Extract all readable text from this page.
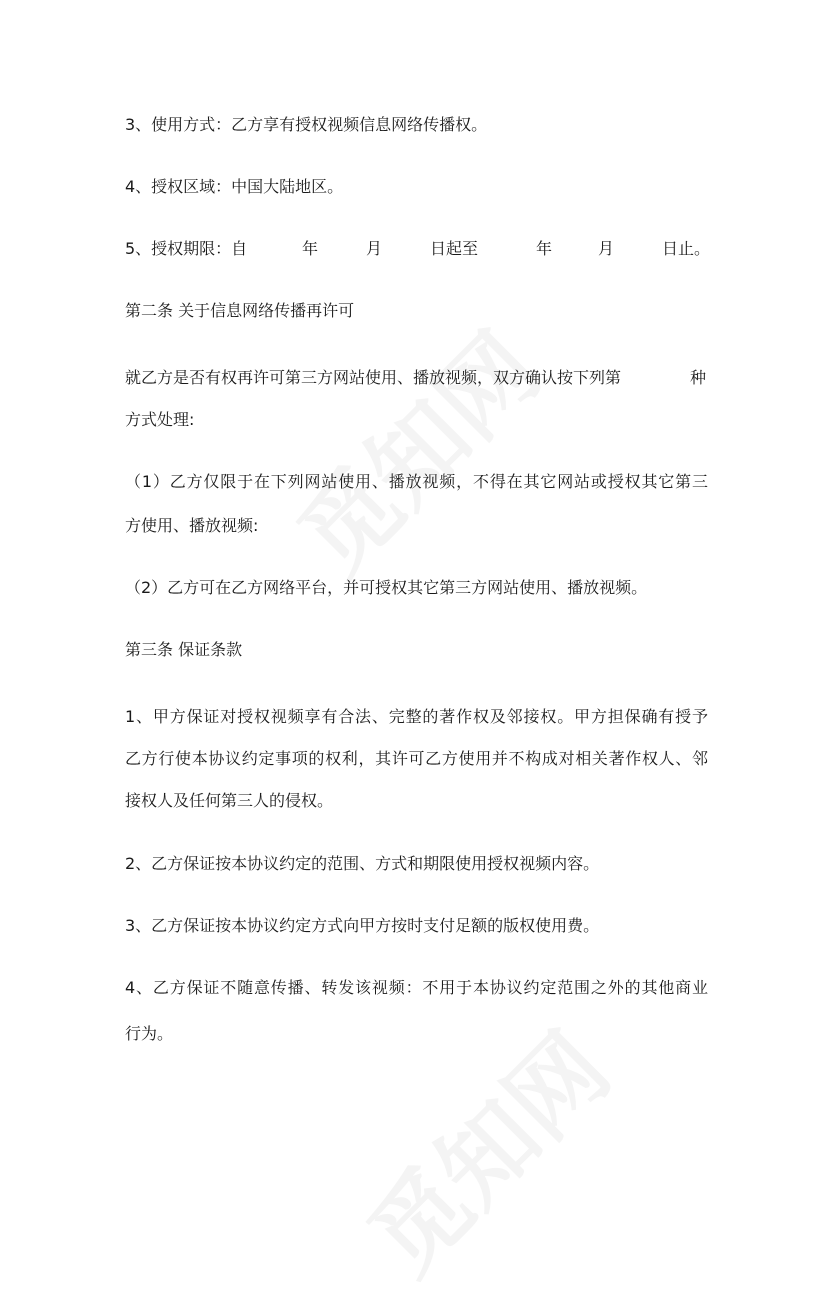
3、使用方式：乙方享有授权视频信息网络传播权。
4、授权区域：中国大陆地区。
5、授权期限：自	年	月	日起至	年	月	日止。
第二条 关于信息网络传播再许可
就乙方是否有权再许可第三方网站使用、播放视频，双方确认按下列第	种
方式处理:
（1）乙方仅限于在下列网站使用、播放视频，不得在其它网站或授权其它第三
方使用、播放视频:
（2）乙方可在乙方网络平台，并可授权其它第三方网站使用、播放视频。
第三条 保证条款
1、甲方保证对授权视频享有合法、完整的著作权及邻接权。甲方担保确有授予
乙方行使本协议约定事项的权利，其许可乙方使用并不构成对相关著作权人、邻
接权人及任何第三人的侵权。
2、乙方保证按本协议约定的范围、方式和期限使用授权视频内容。
3、乙方保证按本协议约定方式向甲方按时支付足额的版权使用费。
4、乙方保证不随意传播、转发该视频：不用于本协议约定范围之外的其他商业
行为。
